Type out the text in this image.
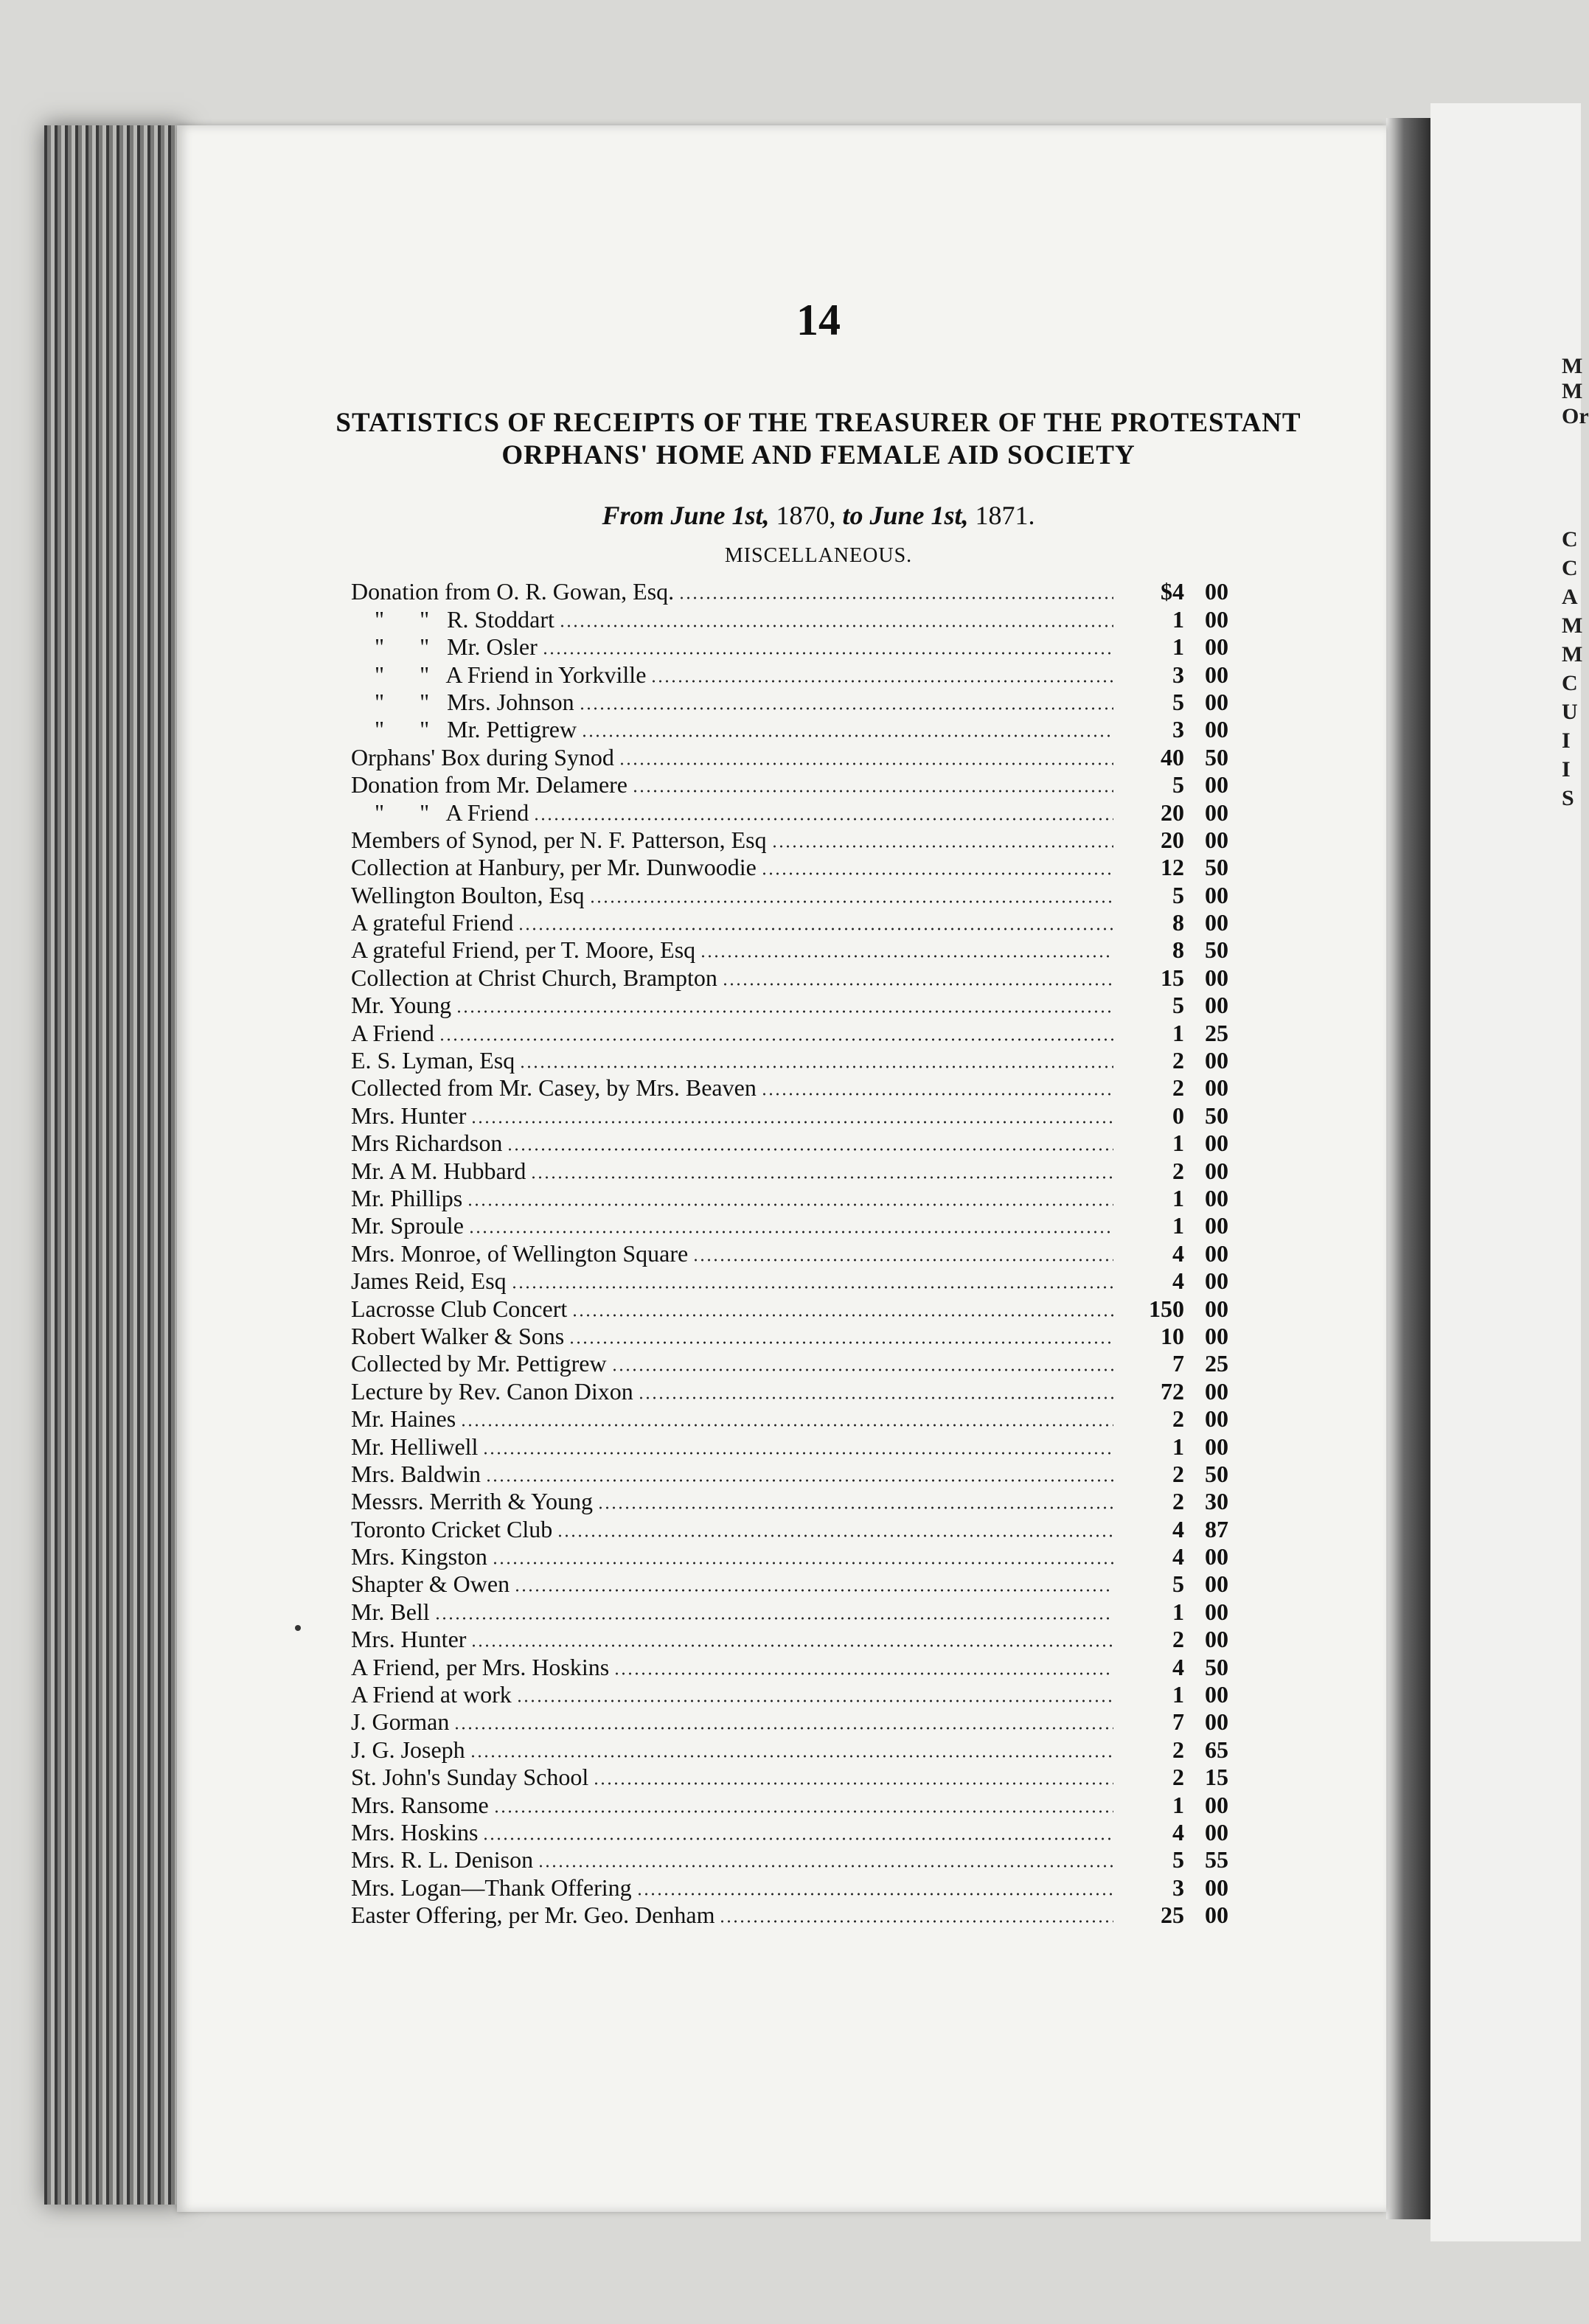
M
M
Or
C
C
A
M
M
C
U
I
I
S
14
STATISTICS OF RECEIPTS OF THE TREASURER OF THE PROTESTANT
ORPHANS' HOME AND FEMALE AID SOCIETY
From June 1st, 1870, to June 1st, 1871.
MISCELLANEOUS.
Donation from O. R. Gowan, Esq.	$4 00
"      "   R. Stoddart	1 00
"      "   Mr. Osler	1 00
"      "   A Friend in Yorkville	3 00
"      "   Mrs. Johnson	5 00
"      "   Mr. Pettigrew	3 00
Orphans' Box during Synod	40 50
Donation from Mr. Delamere	5 00
"      "   A Friend	20 00
Members of Synod, per N. F. Patterson, Esq	20 00
Collection at Hanbury, per Mr. Dunwoodie	12 50
Wellington Boulton, Esq	5 00
A grateful Friend	8 00
A grateful Friend, per T. Moore, Esq	8 50
Collection at Christ Church, Brampton	15 00
Mr. Young	5 00
A Friend	1 25
E. S. Lyman, Esq	2 00
Collected from Mr. Casey, by Mrs. Beaven	2 00
Mrs. Hunter	0 50
Mrs Richardson	1 00
Mr. A M. Hubbard	2 00
Mr. Phillips	1 00
Mr. Sproule	1 00
Mrs. Monroe, of Wellington Square	4 00
James Reid, Esq	4 00
Lacrosse Club Concert	150 00
Robert Walker & Sons	10 00
Collected by Mr. Pettigrew	7 25
Lecture by Rev. Canon Dixon	72 00
Mr. Haines	2 00
Mr. Helliwell	1 00
Mrs. Baldwin	2 50
Messrs. Merrith & Young	2 30
Toronto Cricket Club	4 87
Mrs. Kingston	4 00
Shapter & Owen	5 00
Mr. Bell	1 00
Mrs. Hunter	2 00
A Friend, per Mrs. Hoskins	4 50
A Friend at work	1 00
J. Gorman	7 00
J. G. Joseph	2 65
St. John's Sunday School	2 15
Mrs. Ransome	1 00
Mrs. Hoskins	4 00
Mrs. R. L. Denison	5 55
Mrs. Logan—Thank Offering	3 00
Easter Offering, per Mr. Geo. Denham	25 00
